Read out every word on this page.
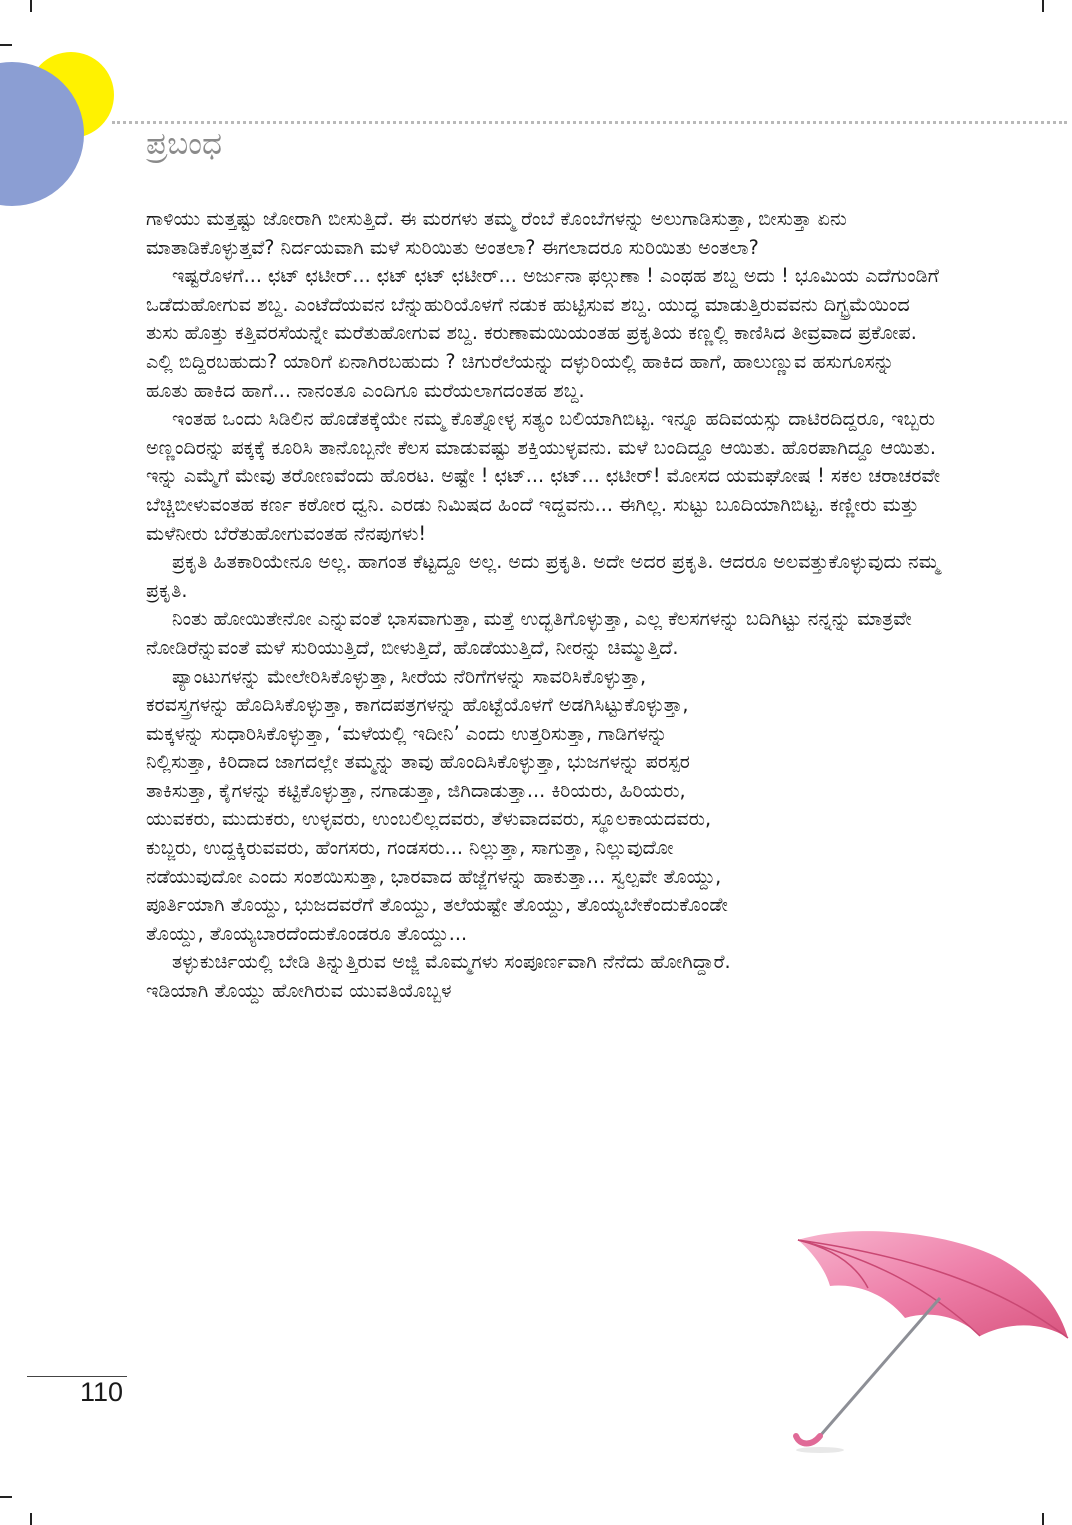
ಪ್ರಬಂಧ

ಗಾಳಿಯು ಮತ್ತಷ್ಟು ಜೋರಾಗಿ ಬೀಸುತ್ತಿದೆ. ಈ ಮರಗಳು ತಮ್ಮ ರೆಂಬೆ ಕೊಂಬೆಗಳನ್ನು ಅಲುಗಾಡಿಸುತ್ತಾ, ಬೀಸುತ್ತಾ ಏನು ಮಾತಾಡಿಕೊಳ್ಳುತ್ತವೆ? ನಿರ್ದಯವಾಗಿ ಮಳೆ ಸುರಿಯಿತು ಅಂತಲಾ? ಈಗಲಾದರೂ ಸುರಿಯಿತು ಅಂತಲಾ?

ಇಷ್ಟರೊಳಗೆ... ಛಟ್ ಛಟೀರ್... ಛಟ್ ಛಟ್ ಛಟೀರ್... ಅರ್ಜುನಾ ಫಲ್ಗುಣಾ ! ಎಂಥಹ ಶಬ್ದ ಅದು ! ಭೂಮಿಯ ಎದೆಗುಂಡಿಗೆ ಒಡೆದುಹೋಗುವ ಶಬ್ದ. ಎಂಟೆದೆಯವನ ಬೆನ್ನುಹುರಿಯೊಳಗೆ ನಡುಕ ಹುಟ್ಟಿಸುವ ಶಬ್ದ. ಯುದ್ಧ ಮಾಡುತ್ತಿರುವವನು ದಿಗ್ಭ್ರಮೆಯಿಂದ ತುಸು ಹೊತ್ತು ಕತ್ತಿವರಸೆಯನ್ನೇ ಮರೆತುಹೋಗುವ ಶಬ್ದ. ಕರುಣಾಮಯಿಯಂತಹ ಪ್ರಕೃತಿಯ ಕಣ್ಣಲ್ಲಿ ಕಾಣಿಸಿದ ತೀವ್ರವಾದ ಪ್ರಕೋಪ. ಎಲ್ಲಿ ಬಿದ್ದಿರಬಹುದು? ಯಾರಿಗೆ ಏನಾಗಿರಬಹುದು ? ಚಿಗುರೆಲೆಯನ್ನು ದಳ್ಳುರಿಯಲ್ಲಿ ಹಾಕಿದ ಹಾಗೆ, ಹಾಲುಣ್ಣುವ ಹಸುಗೂಸನ್ನು ಹೂತು ಹಾಕಿದ ಹಾಗೆ... ನಾನಂತೂ ಎಂದಿಗೂ ಮರೆಯಲಾಗದಂತಹ ಶಬ್ದ.

ಇಂತಹ ಒಂದು ಸಿಡಿಲಿನ ಹೊಡೆತಕ್ಕೆಯೇ ನಮ್ಮ ಕೊತ್ನೋಳ್ಳ ಸತ್ಯಂ ಬಲಿಯಾಗಿಬಿಟ್ಟ. ಇನ್ನೂ ಹದಿವಯಸ್ಸು ದಾಟಿರದಿದ್ದರೂ, ಇಬ್ಬರು ಅಣ್ಣಂದಿರನ್ನು ಪಕ್ಕಕ್ಕೆ ಕೂರಿಸಿ ತಾನೊಬ್ಬನೇ ಕೆಲಸ ಮಾಡುವಷ್ಟು ಶಕ್ತಿಯುಳ್ಳವನು. ಮಳೆ ಬಂದಿದ್ದೂ ಆಯಿತು. ಹೊರಪಾಗಿದ್ದೂ ಆಯಿತು. ಇನ್ನು ಎಮ್ಮೆಗೆ ಮೇವು ತರೋಣವೆಂದು ಹೊರಟ. ಅಷ್ಟೇ ! ಛಟ್... ಛಟ್... ಛಟೀರ್! ಮೋಸದ ಯಮಘೋಷ ! ಸಕಲ ಚರಾಚರವೇ ಬೆಚ್ಚಿಬೀಳುವಂತಹ ಕರ್ಣ ಕಠೋರ ಧ್ವನಿ. ಎರಡು ನಿಮಿಷದ ಹಿಂದೆ ಇದ್ದವನು... ಈಗಿಲ್ಲ. ಸುಟ್ಟು ಬೂದಿಯಾಗಿಬಿಟ್ಟ. ಕಣ್ಣೀರು ಮತ್ತು ಮಳೆನೀರು ಬೆರೆತುಹೋಗುವಂತಹ ನೆನಪುಗಳು!

ಪ್ರಕೃತಿ ಹಿತಕಾರಿಯೇನೂ ಅಲ್ಲ. ಹಾಗಂತ ಕೆಟ್ಟದ್ದೂ ಅಲ್ಲ. ಅದು ಪ್ರಕೃತಿ. ಅದೇ ಅದರ ಪ್ರಕೃತಿ. ಆದರೂ ಅಲವತ್ತುಕೊಳ್ಳುವುದು ನಮ್ಮ ಪ್ರಕೃತಿ.

ನಿಂತು ಹೋಯಿತೇನೋ ಎನ್ನುವಂತೆ ಭಾಸವಾಗುತ್ತಾ, ಮತ್ತೆ ಉದ್ಭತಿಗೊಳ್ಳುತ್ತಾ, ಎಲ್ಲ ಕೆಲಸಗಳನ್ನು ಬದಿಗಿಟ್ಟು ನನ್ನನ್ನು ಮಾತ್ರವೇ ನೋಡಿರೆನ್ನುವಂತೆ ಮಳೆ ಸುರಿಯುತ್ತಿದೆ, ಬೀಳುತ್ತಿದೆ, ಹೊಡೆಯುತ್ತಿದೆ, ನೀರನ್ನು ಚಿಮ್ಮುತ್ತಿದೆ.

ಪ್ಯಾಂಟುಗಳನ್ನು ಮೇಲೇರಿಸಿಕೊಳ್ಳುತ್ತಾ, ಸೀರೆಯ ನೆರಿಗೆಗಳನ್ನು ಸಾವರಿಸಿಕೊಳ್ಳುತ್ತಾ, ಕರವಸ್ತ್ರಗಳನ್ನು ಹೊದಿಸಿಕೊಳ್ಳುತ್ತಾ, ಕಾಗದಪತ್ರಗಳನ್ನು ಹೊಟ್ಟೆಯೊಳಗೆ ಅಡಗಿಸಿಟ್ಟುಕೊಳ್ಳುತ್ತಾ, ಮಕ್ಕಳನ್ನು ಸುಧಾರಿಸಿಕೊಳ್ಳುತ್ತಾ, ‘ಮಳೆಯಲ್ಲಿ ಇದೀನಿ’ ಎಂದು ಉತ್ತರಿಸುತ್ತಾ, ಗಾಡಿಗಳನ್ನು ನಿಲ್ಲಿಸುತ್ತಾ, ಕಿರಿದಾದ ಜಾಗದಲ್ಲೇ ತಮ್ಮನ್ನು ತಾವು ಹೊಂದಿಸಿಕೊಳ್ಳುತ್ತಾ, ಭುಜಗಳನ್ನು ಪರಸ್ಪರ ತಾಕಿಸುತ್ತಾ, ಕೈಗಳನ್ನು ಕಟ್ಟಿಕೊಳ್ಳುತ್ತಾ, ನಗಾಡುತ್ತಾ, ಜಿಗಿದಾಡುತ್ತಾ... ಕಿರಿಯರು, ಹಿರಿಯರು, ಯುವಕರು, ಮುದುಕರು, ಉಳ್ಳವರು, ಉಂಬಲಿಲ್ಲದವರು, ತೆಳುವಾದವರು, ಸ್ಥೂಲಕಾಯದವರು, ಕುಬ್ಜರು, ಉದ್ದಕ್ಕಿರುವವರು, ಹೆಂಗಸರು, ಗಂಡಸರು... ನಿಲ್ಲುತ್ತಾ, ಸಾಗುತ್ತಾ, ನಿಲ್ಲುವುದೋ ನಡೆಯುವುದೋ ಎಂದು ಸಂಶಯಿಸುತ್ತಾ, ಭಾರವಾದ ಹೆಜ್ಜೆಗಳನ್ನು ಹಾಕುತ್ತಾ... ಸ್ವಲ್ಪವೇ ತೊಯ್ದು, ಪೂರ್ತಿಯಾಗಿ ತೊಯ್ದು, ಭುಜದವರೆಗೆ ತೊಯ್ದು, ತಲೆಯಷ್ಟೇ ತೊಯ್ದು, ತೊಯ್ಯಬೇಕೆಂದುಕೊಂಡೇ ತೊಯ್ದು, ತೊಯ್ಯಬಾರದೆಂದುಕೊಂಡರೂ ತೊಯ್ದು...

ತಳ್ಳುಕುರ್ಚಿಯಲ್ಲಿ ಬೇಡಿ ತಿನ್ನುತ್ತಿರುವ ಅಜ್ಜಿ ಮೊಮ್ಮಗಳು ಸಂಪೂರ್ಣವಾಗಿ ನೆನೆದು ಹೋಗಿದ್ದಾರೆ. ಇಡಿಯಾಗಿ ತೊಯ್ದು ಹೋಗಿರುವ ಯುವತಿಯೊಬ್ಬಳ

110
